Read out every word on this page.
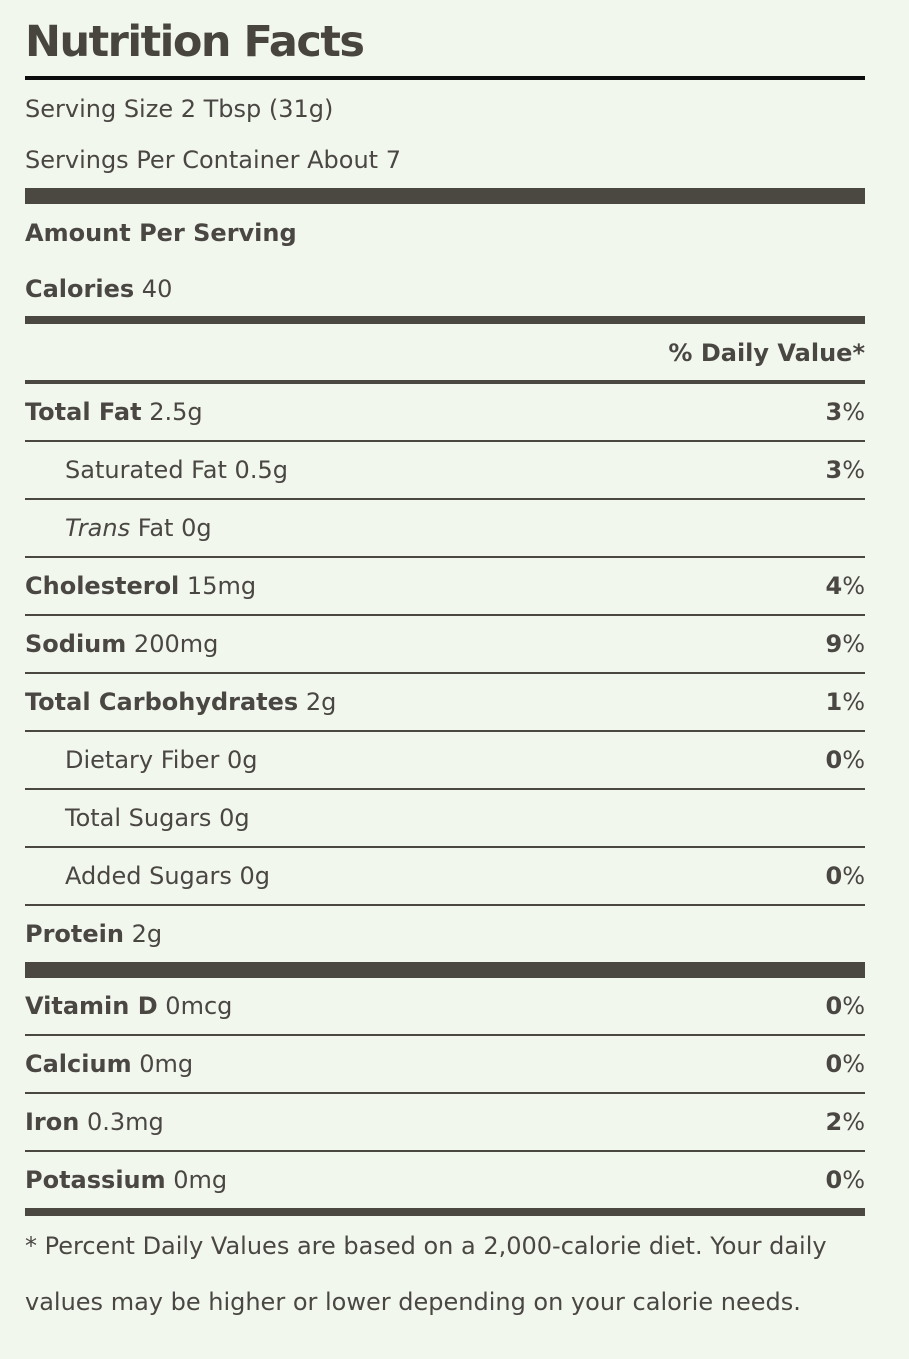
Nutrition Facts
Serving Size 2 Tbsp (31g)
Servings Per Container About 7
Amount Per Serving
Calories 40
% Daily Value*
Total Fat 2.5g	3%
Saturated Fat 0.5g	3%
Trans Fat 0g
Cholesterol 15mg	4%
Sodium 200mg	9%
Total Carbohydrates 2g	1%
Dietary Fiber 0g	0%
Total Sugars 0g
Added Sugars 0g	0%
Protein 2g
Vitamin D 0mcg	0%
Calcium 0mg	0%
Iron 0.3mg	2%
Potassium 0mg	0%
* Percent Daily Values are based on a 2,000-calorie diet. Your daily
values may be higher or lower depending on your calorie needs.
